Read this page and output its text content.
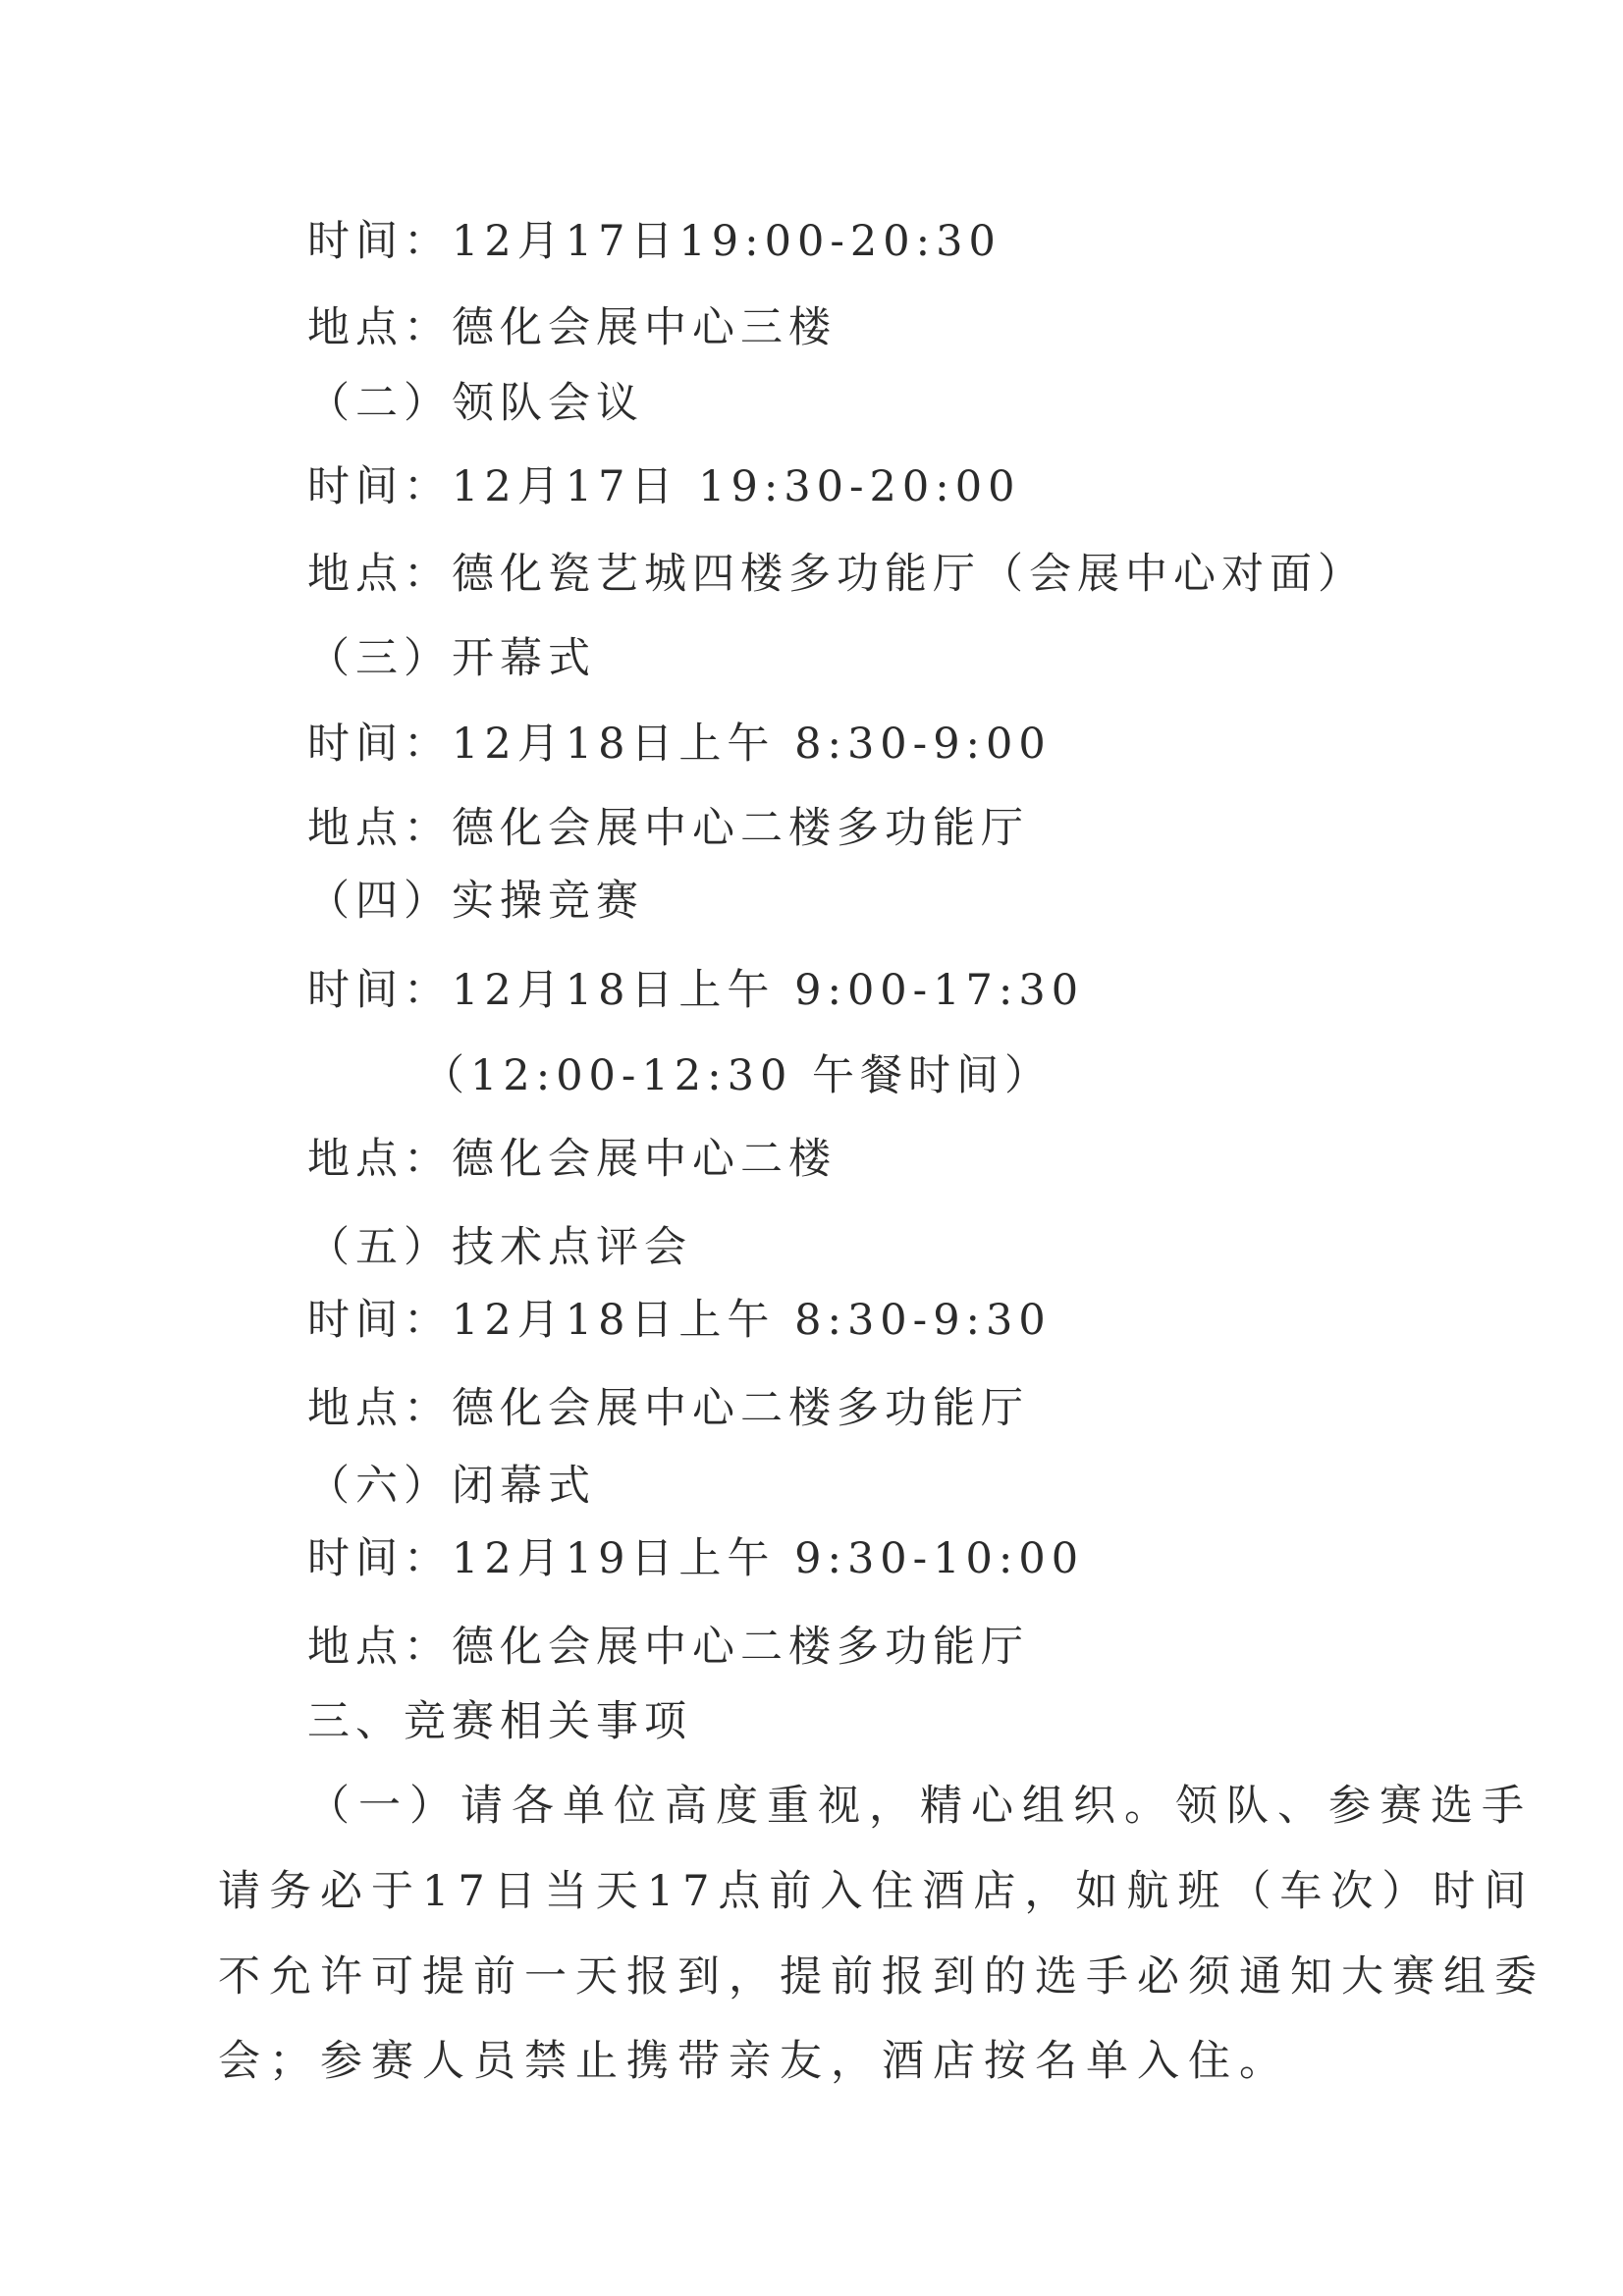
时间：12月17日19:00-20:30
地点：德化会展中心三楼
（二）领队会议
时间：12月17日 19:30-20:00
地点：德化瓷艺城四楼多功能厅（会展中心对面）
（三）开幕式
时间：12月18日上午 8:30-9:00
地点：德化会展中心二楼多功能厅
（四）实操竞赛
时间：12月18日上午 9:00-17:30
（12:00-12:30 午餐时间）
地点：德化会展中心二楼
（五）技术点评会
时间：12月18日上午 8:30-9:30
地点：德化会展中心二楼多功能厅
（六）闭幕式
时间：12月19日上午 9:30-10:00
地点：德化会展中心二楼多功能厅
三、竞赛相关事项
（一）请各单位高度重视，精心组织。领队、参赛选手
请务必于17日当天17点前入住酒店，如航班（车次）时间
不允许可提前一天报到，提前报到的选手必须通知大赛组委
会；参赛人员禁止携带亲友，酒店按名单入住。
